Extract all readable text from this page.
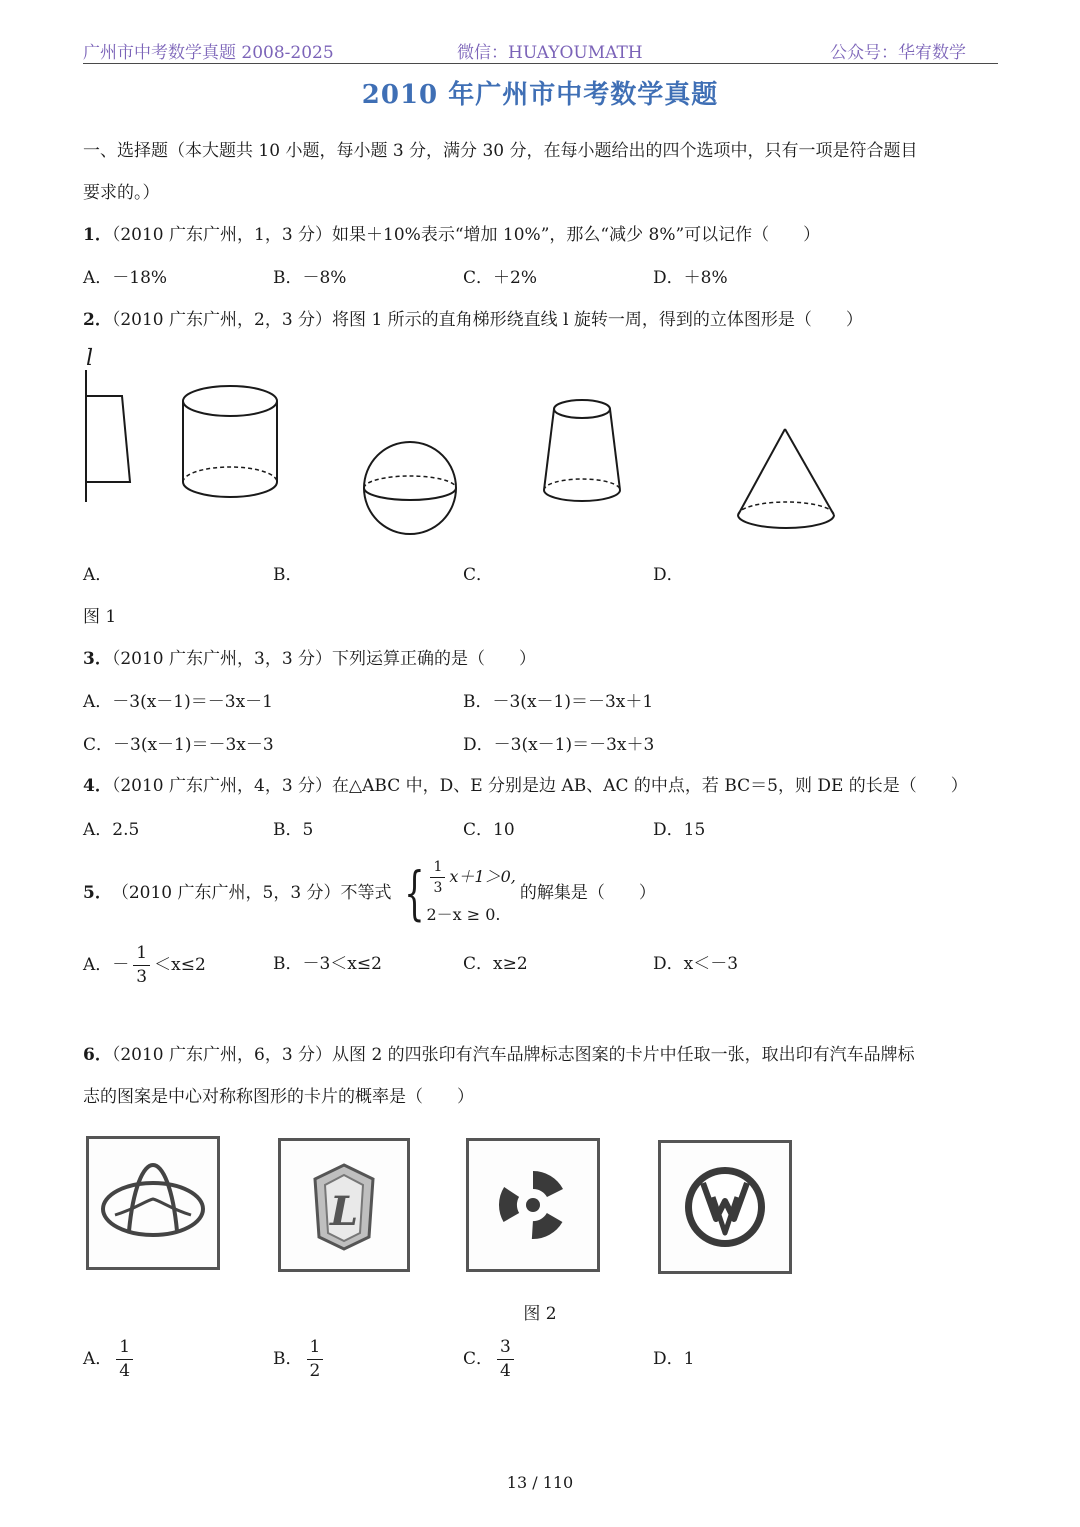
广州市中考数学真题 2008-2025	微信：HUAYOUMATH	公众号：华宥数学
2010 年广州市中考数学真题
一、选择题（本大题共 10 小题，每小题 3 分，满分 30 分，在每小题给出的四个选项中，只有一项是符合题目
要求的。）
1．（2010 广东广州，1，3 分）如果＋10%表示“增加 10%”，那么“减少 8%”可以记作（　　）
A．－18%	B．－8%	C．＋2%	D．＋8%
2．（2010 广东广州，2，3 分）将图 1 所示的直角梯形绕直线 l 旋转一周，得到的立体图形是（　　）
l
A．	B．	C．	D．
图 1
3．（2010 广东广州，3，3 分）下列运算正确的是（　　）
A．－3(x－1)＝－3x－1	B．－3(x－1)＝－3x＋1
C．－3(x－1)＝－3x－3	D．－3(x－1)＝－3x＋3
4．（2010 广东广州，4，3 分）在△ABC 中，D、E 分别是边 AB、AC 的中点，若 BC＝5，则 DE 的长是（　　）
A．2.5	B．5	C．10	D．15
5． （2010 广东广州，5，3 分）不等式 { $\frac{1}{3} x+1>0$,
2－x ≥ 0.
的解集是（　　）
A．－ $\frac{1}{3} <x\le 2$	B．－3＜x≤2	C．x≥2	D．x＜－3
6．（2010 广东广州，6，3 分）从图 2 的四张印有汽车品牌标志图案的卡片中任取一张，取出印有汽车品牌标
志的图案是中心对称称图形的卡片的概率是（　　）
L
图 2
A． $\frac{1}{4}$	B． $\frac{1}{2}$	C． $\frac{3}{4}$	D．1
13 / 110
